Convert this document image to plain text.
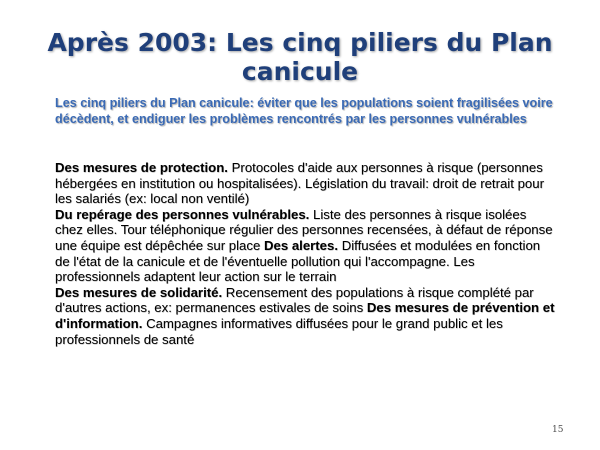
Après 2003: Les cinq piliers du Plan canicule
Les cinq piliers du Plan canicule: éviter que les populations soient fragilisées voire décèdent, et endiguer les problèmes rencontrés par les personnes vulnérables
Des mesures de protection. Protocoles d'aide aux personnes à risque (personnes hébergées en institution ou hospitalisées). Législation du travail: droit de retrait pour les salariés (ex: local non ventilé)
Du repérage des personnes vulnérables. Liste des personnes à risque isolées chez elles. Tour téléphonique régulier des personnes recensées, à défaut de réponse une équipe est dépêchée sur place Des alertes. Diffusées et modulées en fonction de l'état de la canicule et de l'éventuelle pollution qui l'accompagne. Les professionnels adaptent leur action sur le terrain
Des mesures de solidarité. Recensement des populations à risque complété par d'autres actions, ex: permanences estivales de soins Des mesures de prévention et d'information. Campagnes informatives diffusées pour le grand public et les professionnels de santé
15
